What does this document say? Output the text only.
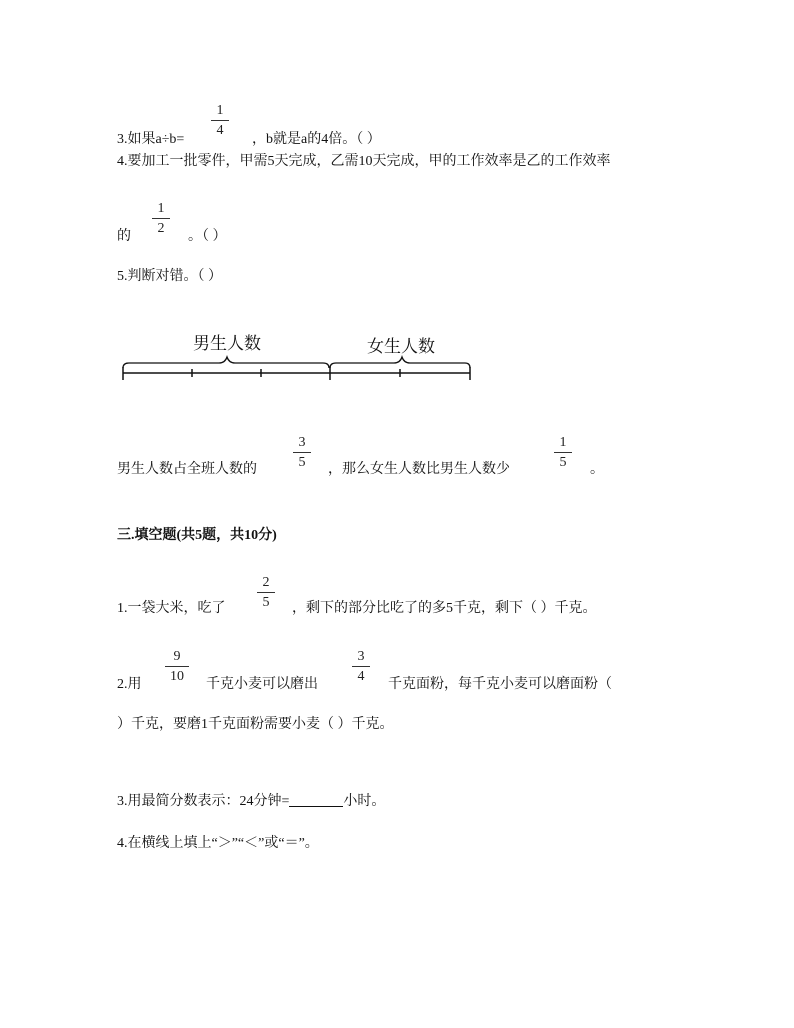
1
4
3.如果a÷b=	，b就是a的4倍。（ ）
4.要加工一批零件，甲需5天完成，乙需10天完成，甲的工作效率是乙的工作效率
1
2
的	。（ ）
5.判断对错。（ ）
男生人数	女生人数
3
5
1
5
男生人数占全班人数的	，那么女生人数比男生人数少	。
三.填空题(共5题，共10分)
2
5
1.一袋大米，吃了	，剩下的部分比吃了的多5千克，剩下（ ）千克。
9
10
3
4
2.用	千克小麦可以磨出	千克面粉，每千克小麦可以磨面粉（
）千克，要磨1千克面粉需要小麦（ ）千克。
3.用最简分数表示：24分钟=	小时。
4.在横线上填上“＞”“＜”或“＝”。
